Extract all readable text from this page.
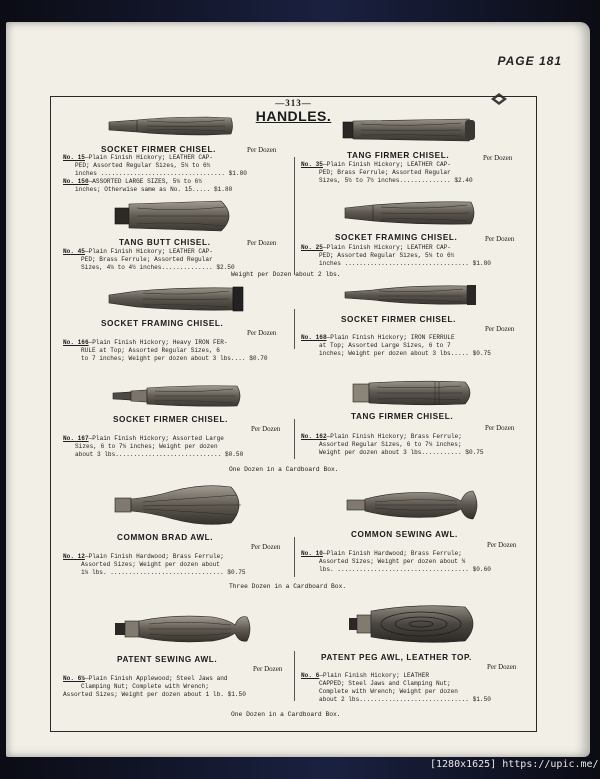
PAGE 181
—313—
HANDLES.
SOCKET FIRMER CHISEL.	Per Dozen
No. 15—Plain Finish Hickory; LEATHER CAP-
PED; Assorted Regular Sizes, 5¼ to 6½
inches .................................. $1.80
No. 150—ASSORTED LARGE SIZES, 5¼ to 6½
inches; Otherwise same as No. 15..... $1.80
TANG FIRMER CHISEL.	Per Dozen
No. 35—Plain Finish Hickory; LEATHER CAP-
PED; Brass Ferrule; Assorted Regular
Sizes, 5½ to 7½ inches.............. $2.40
TANG BUTT CHISEL.	Per Dozen
No. 45—Plain Finish Hickory; LEATHER CAP-
PED; Brass Ferrule; Assorted Regular
Sizes, 4¼ to 4½ inches.............. $2.50
SOCKET FRAMING CHISEL.	Per Dozen
No. 25—Plain Finish Hickory; LEATHER CAP-
PED; Assorted Regular Sizes, 5¼ to 6½
inches .................................. $1.80
Weight per Dozen about 2 lbs.
SOCKET FRAMING CHISEL.
Per Dozen
No. 166—Plain Finish Hickory; Heavy IRON FER-
RULE at Top; Assorted Regular Sizes, 6
to 7 inches; Weight per dozen about 3 lbs.... $0.70
SOCKET FIRMER CHISEL.
Per Dozen
No. 168—Plain Finish Hickory; IRON FERRULE
at Top; Assorted Large Sizes, 6 to 7
inches; Weight per dozen about 3 lbs..... $0.75
SOCKET FIRMER CHISEL.
Per Dozen
No. 167—Plain Finish Hickory; Assorted Large
Sizes, 6 to 7¼ inches; Weight per dozen
about 3 lbs............................. $0.50
TANG FIRMER CHISEL.
Per Dozen
No. 162—Plain Finish Hickory; Brass Ferrule;
Assorted Regular Sizes, 6 to 7¼ inches;
Weight per dozen about 3 lbs........... $0.75
One Dozen in a Cardboard Box.
COMMON BRAD AWL.
Per Dozen
No. 12—Plain Finish Hardwood; Brass Ferrule;
Assorted Sizes; Weight per dozen about
1¼ lbs. ............................... $0.75
COMMON SEWING AWL.
Per Dozen
No. 10—Plain Finish Hardwood; Brass Ferrule;
Assorted Sizes; Weight per dozen about ¾
lbs. .................................... $0.60
Three Dozen in a Cardboard Box.
PATENT SEWING AWL.
Per Dozen
No. 6½—Plain Finish Applewood; Steel Jaws and
Clamping Nut; Complete with Wrench;
Assorted Sizes; Weight per dozen about 1 lb. $1.50
PATENT PEG AWL, LEATHER TOP.
Per Dozen
No. 6—Plain Finish Hickory; LEATHER
CAPPED; Steel Jaws and Clamping Nut;
Complete with Wrench; Weight per dozen
about 2 lbs.............................. $1.50
One Dozen in a Cardboard Box.
[1280x1625] https://upic.me/
